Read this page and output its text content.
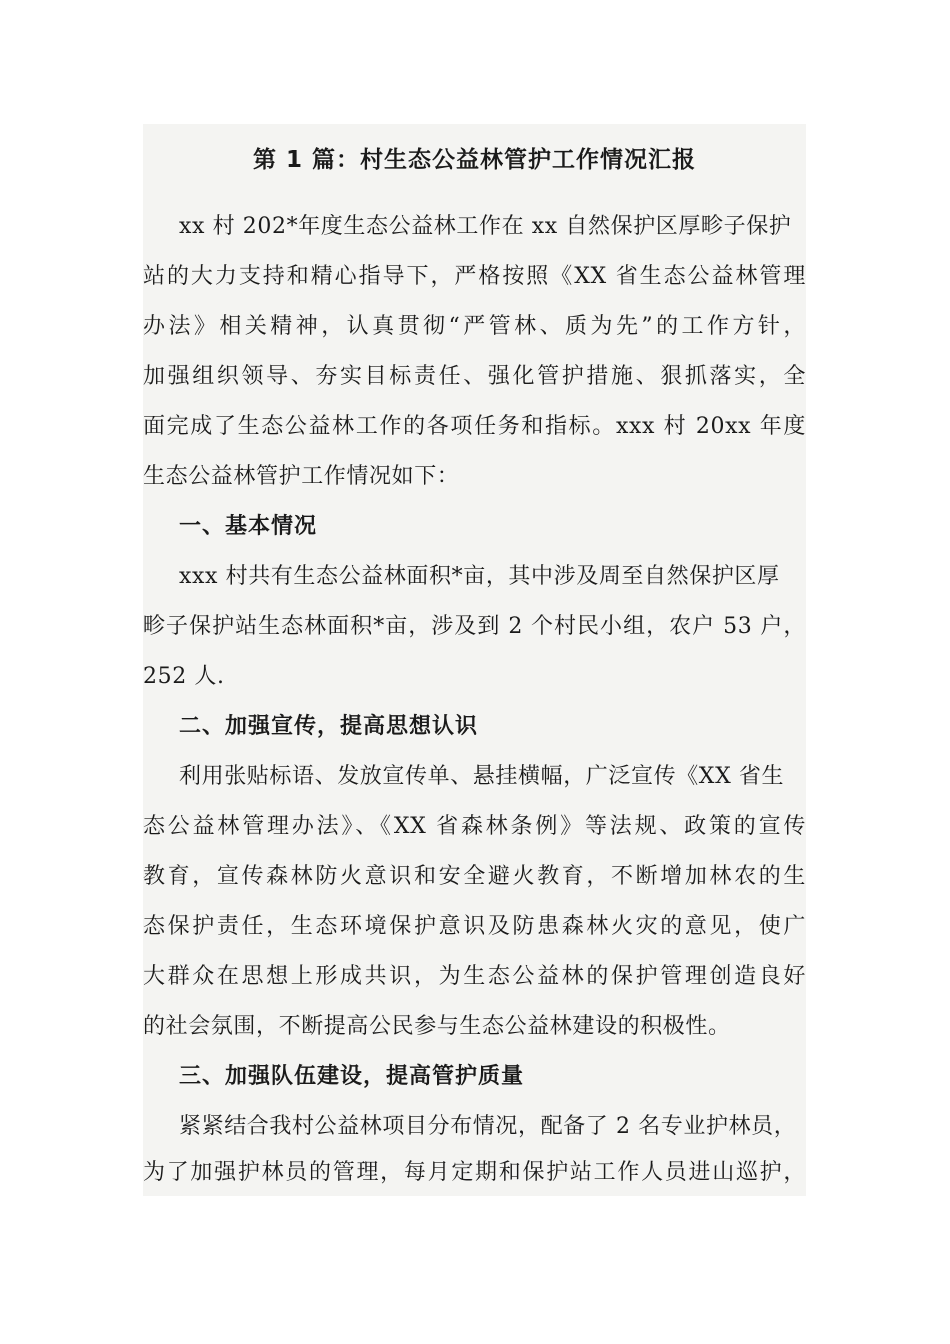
第 1 篇：村生态公益林管护工作情况汇报
xx 村 202*年度生态公益林工作在 xx 自然保护区厚畛子保护
站的大力支持和精心指导下，严格按照《XX 省生态公益林管理
办法》相关精神，认真贯彻“严管林、质为先”的工作方针，
加强组织领导、夯实目标责任、强化管护措施、狠抓落实，全
面完成了生态公益林工作的各项任务和指标。xxx 村 20xx 年度
生态公益林管护工作情况如下：
一、基本情况
xxx 村共有生态公益林面积*亩，其中涉及周至自然保护区厚
畛子保护站生态林面积*亩，涉及到 2 个村民小组，农户 53 户，
252 人.
二、加强宣传，提高思想认识
利用张贴标语、发放宣传单、悬挂横幅，广泛宣传《XX 省生
态公益林管理办法》、《XX 省森林条例》等法规、政策的宣传
教育，宣传森林防火意识和安全避火教育，不断增加林农的生
态保护责任，生态环境保护意识及防患森林火灾的意见，使广
大群众在思想上形成共识，为生态公益林的保护管理创造良好
的社会氛围，不断提高公民参与生态公益林建设的积极性。
三、加强队伍建设，提高管护质量
紧紧结合我村公益林项目分布情况，配备了 2 名专业护林员，
为了加强护林员的管理，每月定期和保护站工作人员进山巡护，
